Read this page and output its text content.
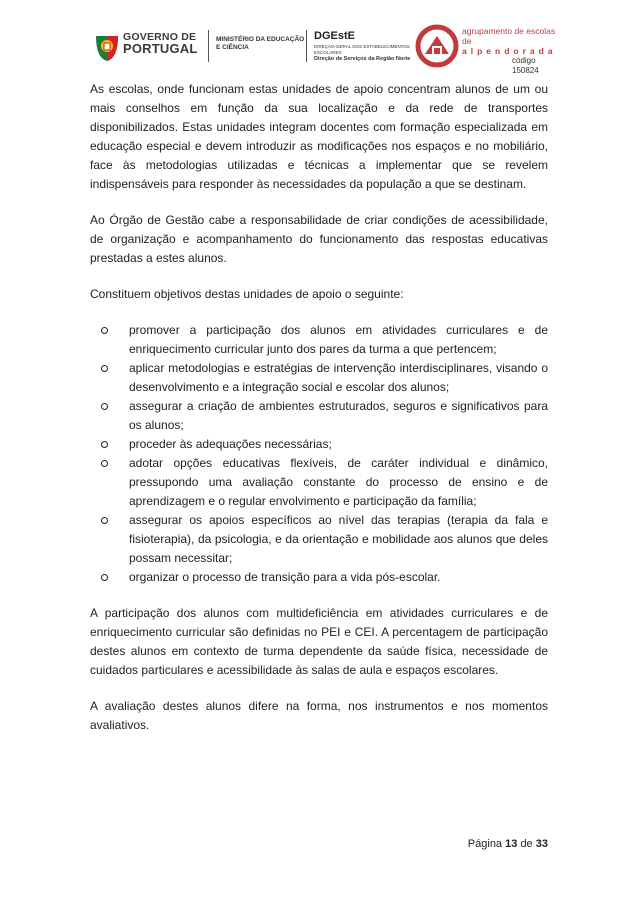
GOVERNO DE
PORTUGAL
MINISTÉRIO DA EDUCAÇÃO
E CIÊNCIA
DGEstE
DIREÇÃO-GERAL DOS ESTABELECIMENTOS ESCOLARES
Direção de Serviços da Região Norte
agrupamento de escolas de
alpendorada
código 150824

As escolas, onde funcionam estas unidades de apoio concentram alunos de um ou mais conselhos em função da sua localização e da rede de transportes disponibilizados. Estas unidades integram docentes com formação especializada em educação especial e devem introduzir as modificações nos espaços e no mobiliário, face às metodologias utilizadas e técnicas a implementar que se revelem indispensáveis para responder às necessidades da população a que se destinam.

Ao Órgão de Gestão cabe a responsabilidade de criar condições de acessibilidade, de organização e acompanhamento do funcionamento das respostas educativas prestadas a estes alunos.

Constituem objetivos destas unidades de apoio o seguinte:

promover a participação dos alunos em atividades curriculares e de enriquecimento curricular junto dos pares da turma a que pertencem;
aplicar metodologias e estratégias de intervenção interdisciplinares, visando o desenvolvimento e a integração social e escolar dos alunos;
assegurar a criação de ambientes estruturados, seguros e significativos para os alunos;
proceder às adequações necessárias;
adotar opções educativas flexíveis, de caráter individual e dinâmico, pressupondo uma avaliação constante do processo de ensino e de aprendizagem e o regular envolvimento e participação da família;
assegurar os apoios específicos ao nível das terapias (terapia da fala e fisioterapia), da psicologia, e da orientação e mobilidade aos alunos que deles possam necessitar;
organizar o processo de transição para a vida pós-escolar.

A participação dos alunos com multideficiência em atividades curriculares e de enriquecimento curricular são definidas no PEI e CEI. A percentagem de participação destes alunos em contexto de turma dependente da saúde física, necessidade de cuidados particulares e acessibilidade às salas de aula e espaços escolares.

A avaliação destes alunos difere na forma, nos instrumentos e nos momentos avaliativos.

Página 13 de 33
